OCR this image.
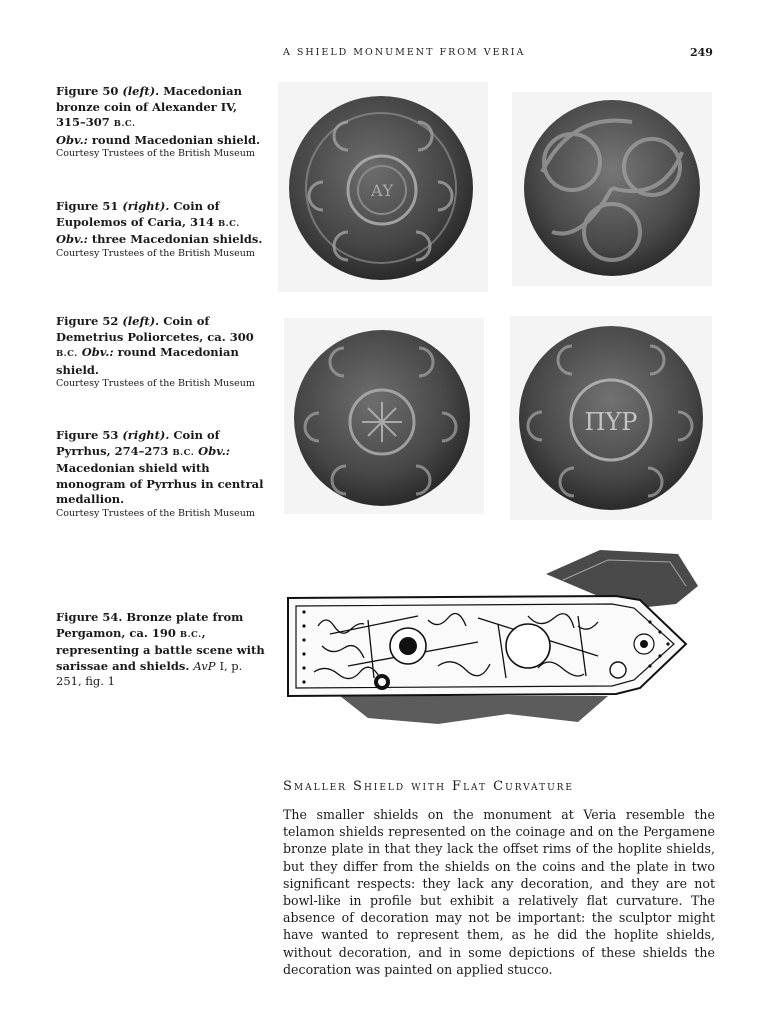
A SHIELD MONUMENT FROM VERIA	249
Figure 50 (left). Macedonian bronze coin of Alexander IV, 315–307 B.C.
Obv.: round Macedonian shield.
Courtesy Trustees of the British Museum
Figure 51 (right). Coin of Eupolemos of Caria, 314 B.C.
Obv.: three Macedonian shields.
Courtesy Trustees of the British Museum
Figure 52 (left). Coin of Demetrius Poliorcetes, ca. 300 B.C. Obv.: round Macedonian shield.
Courtesy Trustees of the British Museum
Figure 53 (right). Coin of Pyrrhus, 274–273 B.C. Obv.: Macedonian shield with monogram of Pyrrhus in central medallion.
Courtesy Trustees of the British Museum
Figure 54. Bronze plate from Pergamon, ca. 190 B.C., representing a battle scene with sarissae and shields. AvP I, p. 251, fig. 1
ΑΥ
ΠΥΡ
Smaller Shield with Flat Curvature

The smaller shields on the monument at Veria resemble the telamon shields represented on the coinage and on the Pergamene bronze plate in that they lack the offset rims of the hoplite shields, but they differ from the shields on the coins and the plate in two significant respects: they lack any decoration, and they are not bowl-like in profile but exhibit a relatively flat curvature. The absence of decoration may not be important: the sculptor might have wanted to represent them, as he did the hoplite shields, without decoration, and in some depictions of these shields the decoration was painted on applied stucco.
